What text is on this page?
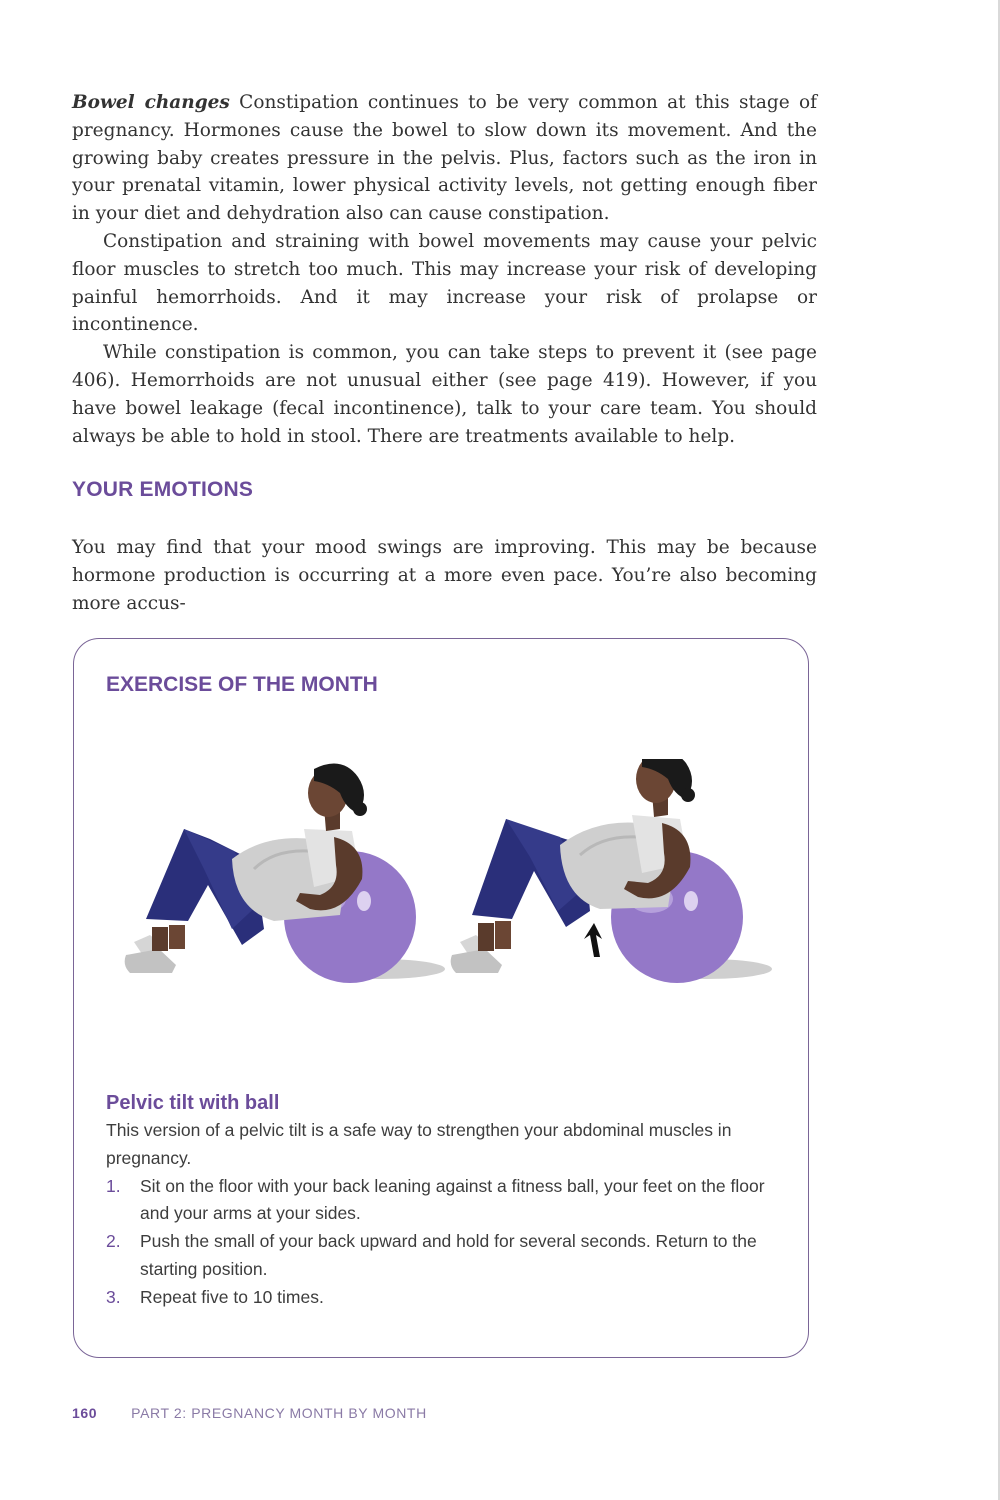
Bowel changes Constipation continues to be very common at this stage of pregnancy. Hormones cause the bowel to slow down its movement. And the growing baby creates pressure in the pelvis. Plus, factors such as the iron in your prenatal vitamin, lower physical activity levels, not getting enough fiber in your diet and dehydration also can cause constipation.

Constipation and straining with bowel movements may cause your pelvic floor muscles to stretch too much. This may increase your risk of developing painful hemorrhoids. And it may increase your risk of prolapse or incontinence.

While constipation is common, you can take steps to prevent it (see page 406). Hemorrhoids are not unusual either (see page 419). However, if you have bowel leakage (fecal incontinence), talk to your care team. You should always be able to hold in stool. There are treatments available to help.

YOUR EMOTIONS

You may find that your mood swings are improving. This may be because hormone production is occurring at a more even pace. You’re also becoming more accus-

EXERCISE OF THE MONTH
Pelvic tilt with ball

This version of a pelvic tilt is a safe way to strengthen your abdominal muscles in pregnancy.

1. Sit on the floor with your back leaning against a fitness ball, your feet on the floor and your arms at your sides.
2. Push the small of your back upward and hold for several seconds. Return to the starting position.
3. Repeat five to 10 times.
160 PART 2: PREGNANCY MONTH BY MONTH
